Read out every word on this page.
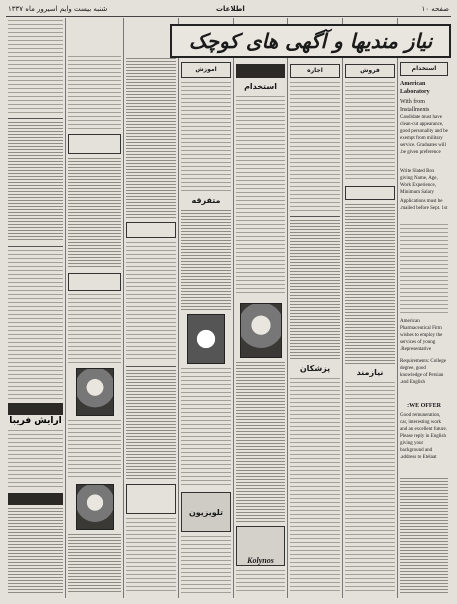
شنبه بیست وایم اسیرور ماه ۱۳۳۷	اطلاعات	صفحه ۱۰
آرایش فریبا
آموزش
متفرقه
تلویزیون
استخدام
Kolynos
اجاره
پزشکان
فروش
نیازمند
استخدام
American Laboratory
With from Installments
Candidate must have clean-cut appearance, good personality and be exempt from military service. Graduates will be given preference.
Write Slated Box giving Name, Age, Work Experience, Minimum Salary
Applications must be mailed before Sept. 1st.
American Pharmaceutical Firm wishes to employ the services of young Representative.
Requirements: College degree, good knowledge of Persian and English.
WE OFFER:
Good remuneration, car, interesting work and an excellent future. Please reply in English giving your background and address to Etelaat.
نیاز مندیها و آگهی های کوچک
